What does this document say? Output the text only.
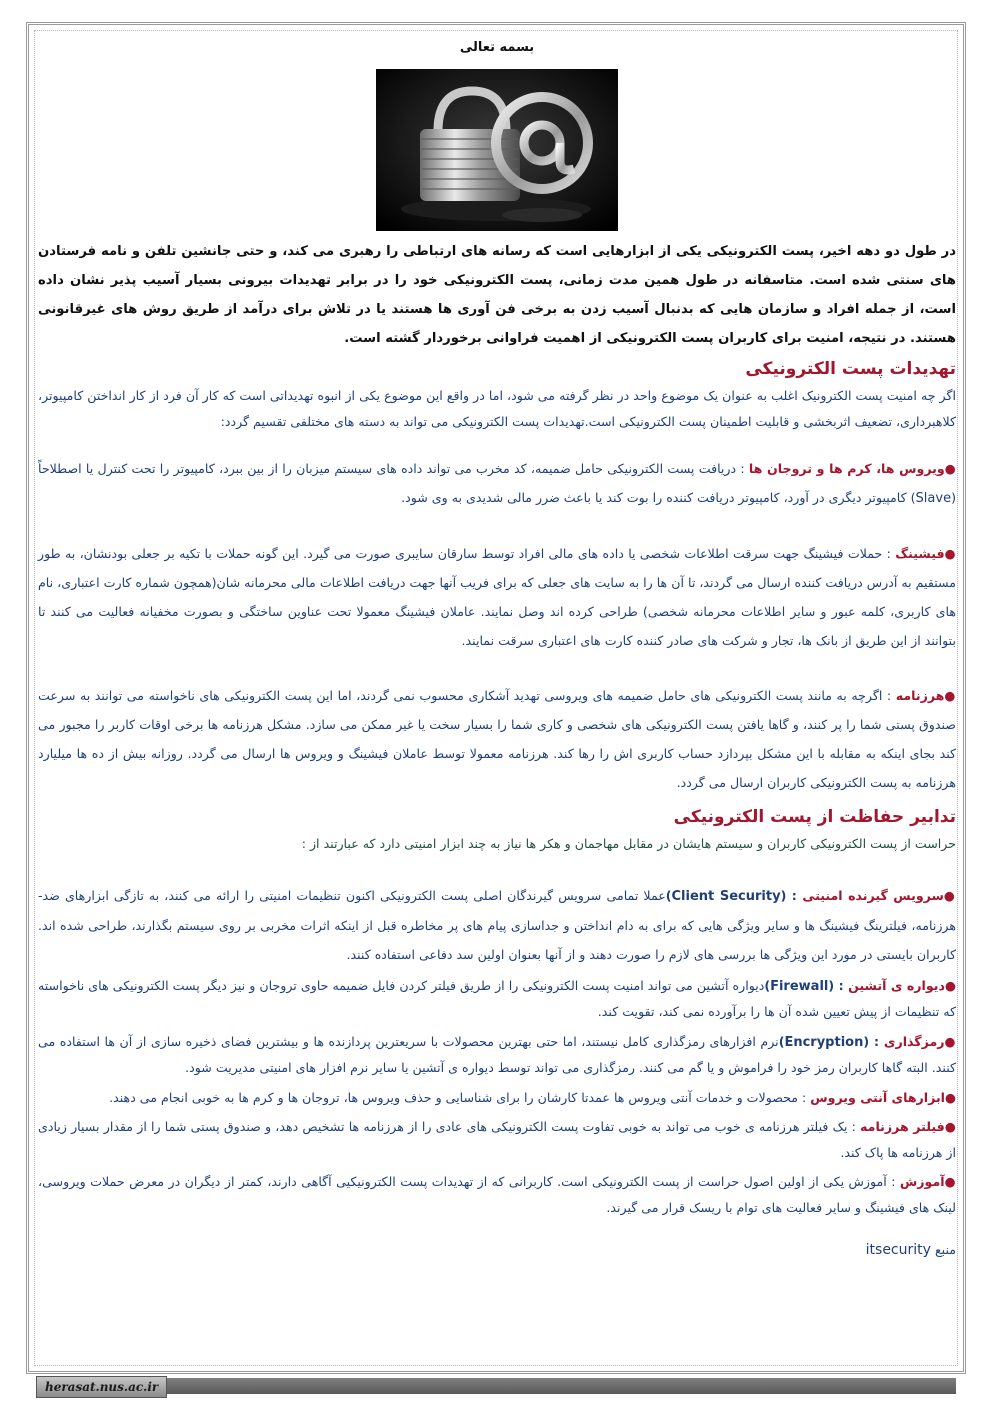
بسمه تعالی

در طول دو دهه اخیر، پست الکترونیکی یکی از ابزارهایی است که رسانه های ارتباطی را رهبری می کند، و حتی جانشین تلفن و نامه فرستادن های سنتی شده است. متاسفانه در طول همین مدت زمانی، پست الکترونیکی خود را در برابر تهدیدات بیرونی بسیار آسیب پذیر نشان داده است، از جمله افراد و سازمان هایی که بدنبال آسیب زدن به برخی فن آوری ها هستند یا در تلاش برای درآمد از طریق روش های غیرقانونی هستند. در نتیجه، امنیت برای کاربران پست الکترونیکی از اهمیت فراوانی برخوردار گشته است.

تهدیدات پست الکترونیکی

اگر چه امنیت پست الکترونیک اغلب به عنوان یک موضوع واحد در نظر گرفته می شود، اما در واقع این موضوع یکی از انبوه تهدیداتی است که کار آن فرد از کار انداختن کامپیوتر، کلاهبرداری، تضعیف اثربخشی و قابلیت اطمینان پست الکترونیکی است.تهدیدات پست الکترونیکی می تواند به دسته های مختلفی تقسیم گردد:

●ویروس ها، کرم ها و تروجان ها : دریافت پست الکترونیکی حامل ضمیمه، کد مخرب می تواند داده های سیستم میزبان را از بین ببرد، کامپیوتر را تحت کنترل یا اصطلاحاً (Slave) کامپیوتر دیگری در آورد، کامپیوتر دریافت کننده را بوت کند یا باعث ضرر مالی شدیدی به وی شود.

●فیشینگ : حملات فیشینگ جهت سرقت اطلاعات شخصی یا داده های مالی افراد توسط سارقان سایبری صورت می گیرد. این گونه حملات با تکیه بر جعلی بودنشان، به طور مستقیم به آدرس دریافت کننده ارسال می گردند، تا آن ها را به سایت های جعلی که برای فریب آنها جهت دریافت اطلاعات مالی محرمانه شان(همچون شماره کارت اعتباری، نام های کاربری، کلمه عبور و سایر اطلاعات محرمانه شخصی) طراحی کرده اند وصل نمایند. عاملان فیشینگ معمولا تحت عناوین ساختگی و بصورت مخفیانه فعالیت می کنند تا بتوانند از این طریق از بانک ها، تجار و شرکت های صادر کننده کارت های اعتباری سرقت نمایند.

●هرزنامه : اگرچه به مانند پست الکترونیکی های حامل ضمیمه های ویروسی تهدید آشکاری محسوب نمی گردند، اما این پست الکترونیکی های ناخواسته می توانند به سرعت صندوق پستی شما را پر کنند، و گاها یافتن پست الکترونیکی های شخصی و کاری شما را بسیار سخت یا غیر ممکن می سازد. مشکل هرزنامه ها برخی اوقات کاربر را مجبور می کند بجای اینکه به مقابله با این مشکل بپردازد حساب کاربری اش را رها کند. هرزنامه معمولا توسط عاملان فیشینگ و ویروس ها ارسال می گردد. روزانه بیش از ده ها میلیارد هرزنامه به پست الکترونیکی کاربران ارسال می گردد.

تدابیر حفاظت از پست الکترونیکی

حراست از پست الکترونیکی کاربران و سیستم هایشان در مقابل مهاجمان و هکر ها نیاز به چند ابزار امنیتی دارد که عبارتند از :

●سرویس گیرنده امنیتی : (Client Security)عملا تمامی سرویس گیرندگان اصلی پست الکترونیکی اکنون تنظیمات امنیتی را ارائه می کنند، به تازگی ابزارهای ضد-هرزنامه، فیلترینگ فیشینگ ها و سایر ویژگی هایی که برای به دام انداختن و جداسازی پیام های پر مخاطره قبل از اینکه اثرات مخربی بر روی سیستم بگذارند، طراحی شده اند. کاربران بایستی در مورد این ویژگی ها بررسی های لازم را صورت دهند و از آنها بعنوان اولین سد دفاعی استفاده کنند.

●دیواره ی آتشین : (Firewall)دیواره آتشین می تواند امنیت پست الکترونیکی را از طریق فیلتر کردن فایل ضمیمه حاوی تروجان و نیز دیگر پست الکترونیکی های ناخواسته که تنظیمات از پیش تعیین شده آن ها را برآورده نمی کند، تقویت کند.

●رمزگذاری : (Encryption)نرم افزارهای رمزگذاری کامل نیستند، اما حتی بهترین محصولات با سریعترین پردازنده ها و بیشترین فضای ذخیره سازی از آن ها استفاده می کنند. البته گاها کاربران رمز خود را فراموش و یا گم می کنند. رمزگذاری می تواند توسط دیواره ی آتشین یا سایر نرم افزار های امنیتی مدیریت شود.

●ابزارهای آنتی ویروس : محصولات و خدمات آنتی ویروس ها عمدتا کارشان را برای شناسایی و حذف ویروس ها، تروجان ها و کرم ها به خوبی انجام می دهند.

●فیلتر هرزنامه : یک فیلتر هرزنامه ی خوب می تواند به خوبی تفاوت پست الکترونیکی های عادی را از هرزنامه ها تشخیص دهد، و صندوق پستی شما را از مقدار بسیار زیادی از هرزنامه ها پاک کند.

●آموزش : آموزش یکی از اولین اصول حراست از پست الکترونیکی است. کاربرانی که از تهدیدات پست الکترونیکیی آگاهی دارند، کمتر از دیگران در معرض حملات ویروسی، لینک های فیشینگ و سایر فعالیت های توام با ریسک قرار می گیرند.

منبع itsecurity
herasat.nus.ac.ir
